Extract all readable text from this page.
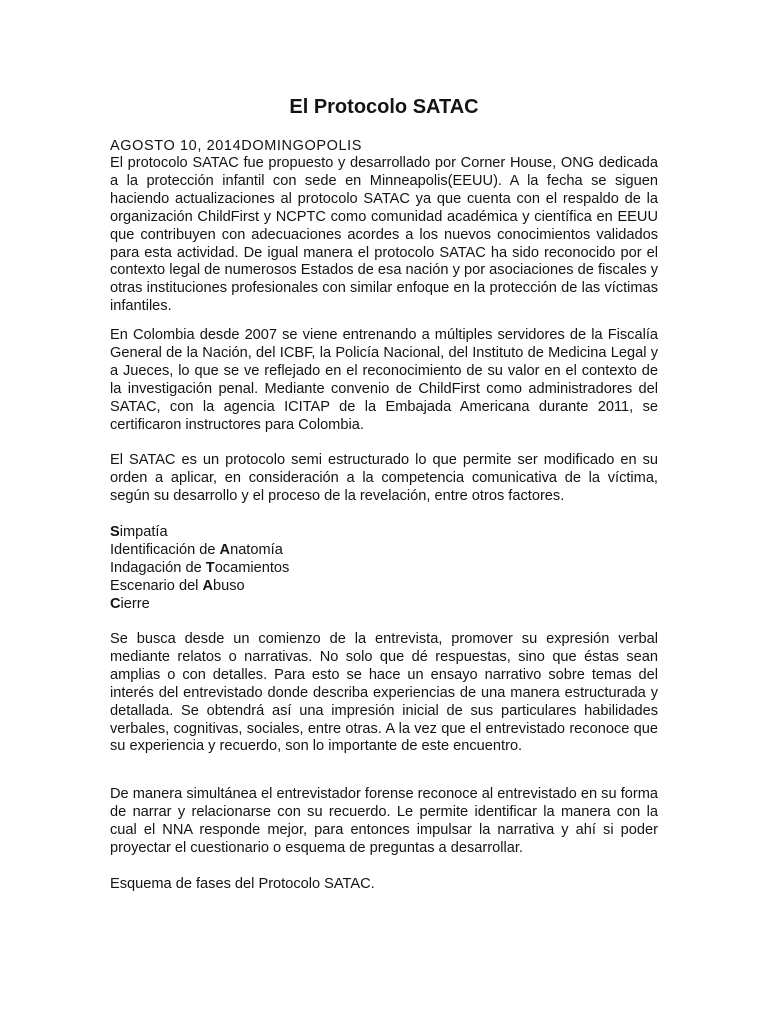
El Protocolo SATAC

AGOSTO 10, 2014DOMINGOPOLIS

El protocolo SATAC fue propuesto y desarrollado por Corner House, ONG dedicada a la protección infantil con sede en Minneapolis(EEUU). A la fecha se siguen haciendo actualizaciones al protocolo SATAC ya que cuenta con el respaldo de la organización ChildFirst y NCPTC como comunidad académica y científica en EEUU que contribuyen con adecuaciones acordes a los nuevos conocimientos validados para esta actividad. De igual manera el protocolo SATAC ha sido reconocido por el contexto legal de numerosos Estados de esa nación y por asociaciones de fiscales y otras instituciones profesionales con similar enfoque en la protección de las víctimas infantiles.

En Colombia desde 2007 se viene entrenando a múltiples servidores de la Fiscalía General de la Nación, del ICBF, la Policía Nacional, del Instituto de Medicina Legal y a Jueces, lo que se ve reflejado en el reconocimiento de su valor en el contexto de la investigación penal. Mediante convenio de ChildFirst como administradores del SATAC, con la agencia ICITAP de la Embajada Americana durante 2011, se certificaron instructores para Colombia.

El SATAC es un protocolo semi estructurado lo que permite ser modificado en su orden a aplicar, en consideración a la competencia comunicativa de la víctima, según su desarrollo y el proceso de la revelación, entre otros factores.

Simpatía
Identificación de Anatomía
Indagación de Tocamientos
Escenario del Abuso
Cierre

Se busca desde un comienzo de la entrevista, promover su expresión verbal mediante relatos o narrativas. No solo que dé respuestas, sino que éstas sean amplias o con detalles. Para esto se hace un ensayo narrativo sobre temas del interés del entrevistado donde describa experiencias de una manera estructurada y detallada. Se obtendrá así una impresión inicial de sus particulares habilidades verbales, cognitivas, sociales, entre otras. A la vez que el entrevistado reconoce que su experiencia y recuerdo, son lo importante de este encuentro.

De manera simultánea el entrevistador forense reconoce al entrevistado en su forma de narrar y relacionarse con su recuerdo. Le permite identificar la manera con la cual el NNA responde mejor, para entonces impulsar la narrativa y ahí si poder proyectar el cuestionario o esquema de preguntas a desarrollar.

Esquema de fases del Protocolo SATAC.
